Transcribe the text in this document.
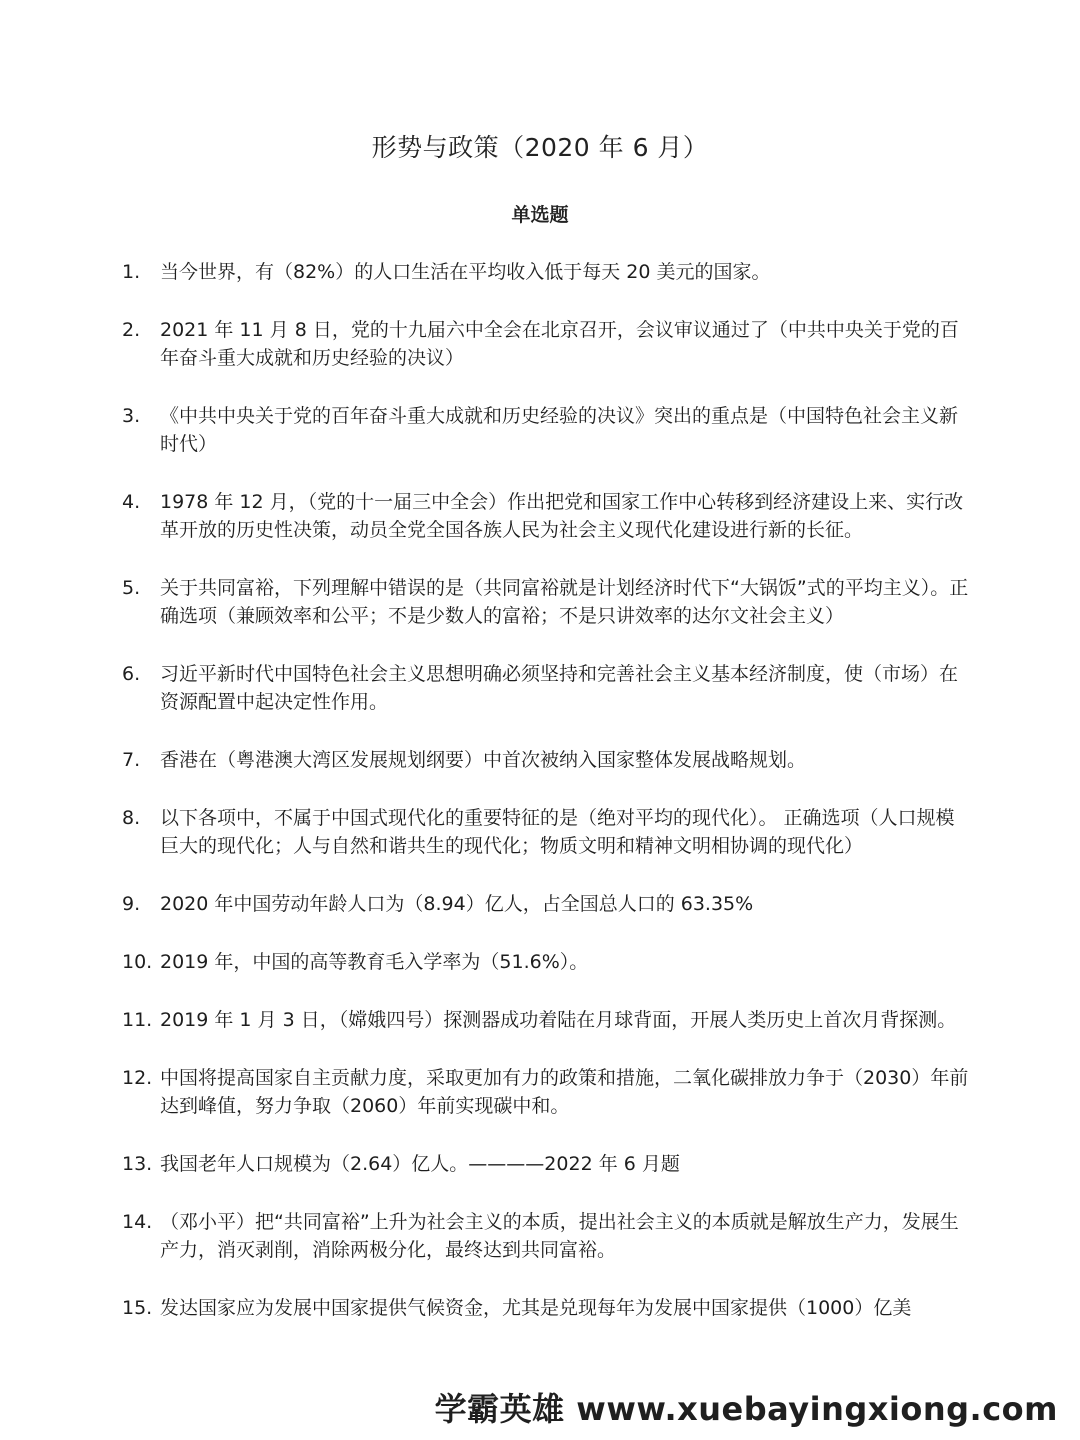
形势与政策（2020 年 6 月）
单选题
1. 当今世界，有（82%）的人口生活在平均收入低于每天 20 美元的国家。
2. 2021 年 11 月 8 日，党的十九届六中全会在北京召开，会议审议通过了（中共中央关于党的百年奋斗重大成就和历史经验的决议）
3. 《中共中央关于党的百年奋斗重大成就和历史经验的决议》突出的重点是（中国特色社会主义新时代）
4. 1978 年 12 月，（党的十一届三中全会）作出把党和国家工作中心转移到经济建设上来、实行改革开放的历史性决策，动员全党全国各族人民为社会主义现代化建设进行新的长征。
5. 关于共同富裕，下列理解中错误的是（共同富裕就是计划经济时代下“大锅饭”式的平均主义）。正确选项（兼顾效率和公平；不是少数人的富裕；不是只讲效率的达尔文社会主义）
6. 习近平新时代中国特色社会主义思想明确必须坚持和完善社会主义基本经济制度，使（市场）在资源配置中起决定性作用。
7. 香港在（粤港澳大湾区发展规划纲要）中首次被纳入国家整体发展战略规划。
8. 以下各项中，不属于中国式现代化的重要特征的是（绝对平均的现代化）。 正确选项（人口规模巨大的现代化；人与自然和谐共生的现代化；物质文明和精神文明相协调的现代化）
9. 2020 年中国劳动年龄人口为（8.94）亿人，占全国总人口的 63.35%
10. 2019 年，中国的高等教育毛入学率为（51.6%）。
11. 2019 年 1 月 3 日，（嫦娥四号）探测器成功着陆在月球背面，开展人类历史上首次月背探测。
12. 中国将提高国家自主贡献力度，采取更加有力的政策和措施，二氧化碳排放力争于（2030）年前达到峰值，努力争取（2060）年前实现碳中和。
13. 我国老年人口规模为（2.64）亿人。————2022 年 6 月题
14. （邓小平）把“共同富裕”上升为社会主义的本质，提出社会主义的本质就是解放生产力，发展生产力，消灭剥削，消除两极分化，最终达到共同富裕。
15. 发达国家应为发展中国家提供气候资金，尤其是兑现每年为发展中国家提供（1000）亿美
学霸英雄 www.xuebayingxiong.com
